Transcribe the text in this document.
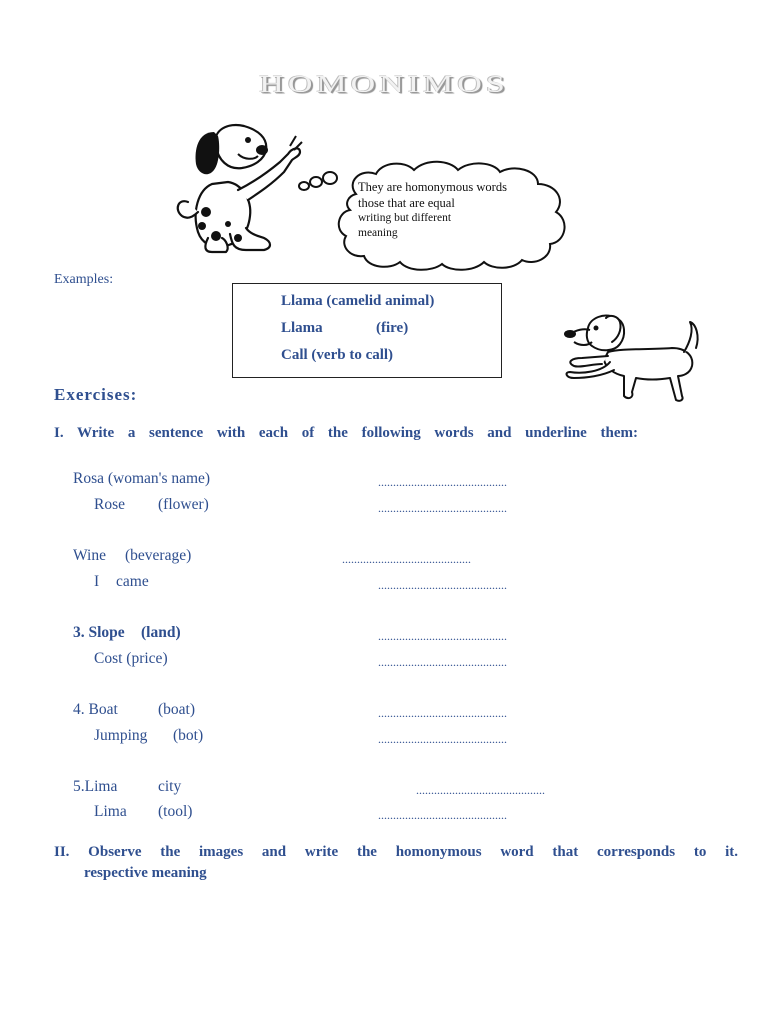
HOMONIMOS
They are homonymous words
those that are equal
writing but different
meaning
Examples:
Llama (camelid animal)
Llama	(fire)
Call (verb to call)
Exercises:
I. Write a sentence with each of the following words and underline them:
Rosa (woman's name)	...........................................
Rose (flower)	...........................................
Wine (beverage)	...........................................
I came	...........................................
3. Slope (land)	...........................................
Cost (price)	...........................................
4. Boat	(boat)	...........................................
Jumping (bot)	...........................................
5.Lima	city	...........................................
Lima (tool)	...........................................
II. Observe the images and write the homonymous word that corresponds to it.
respective meaning
